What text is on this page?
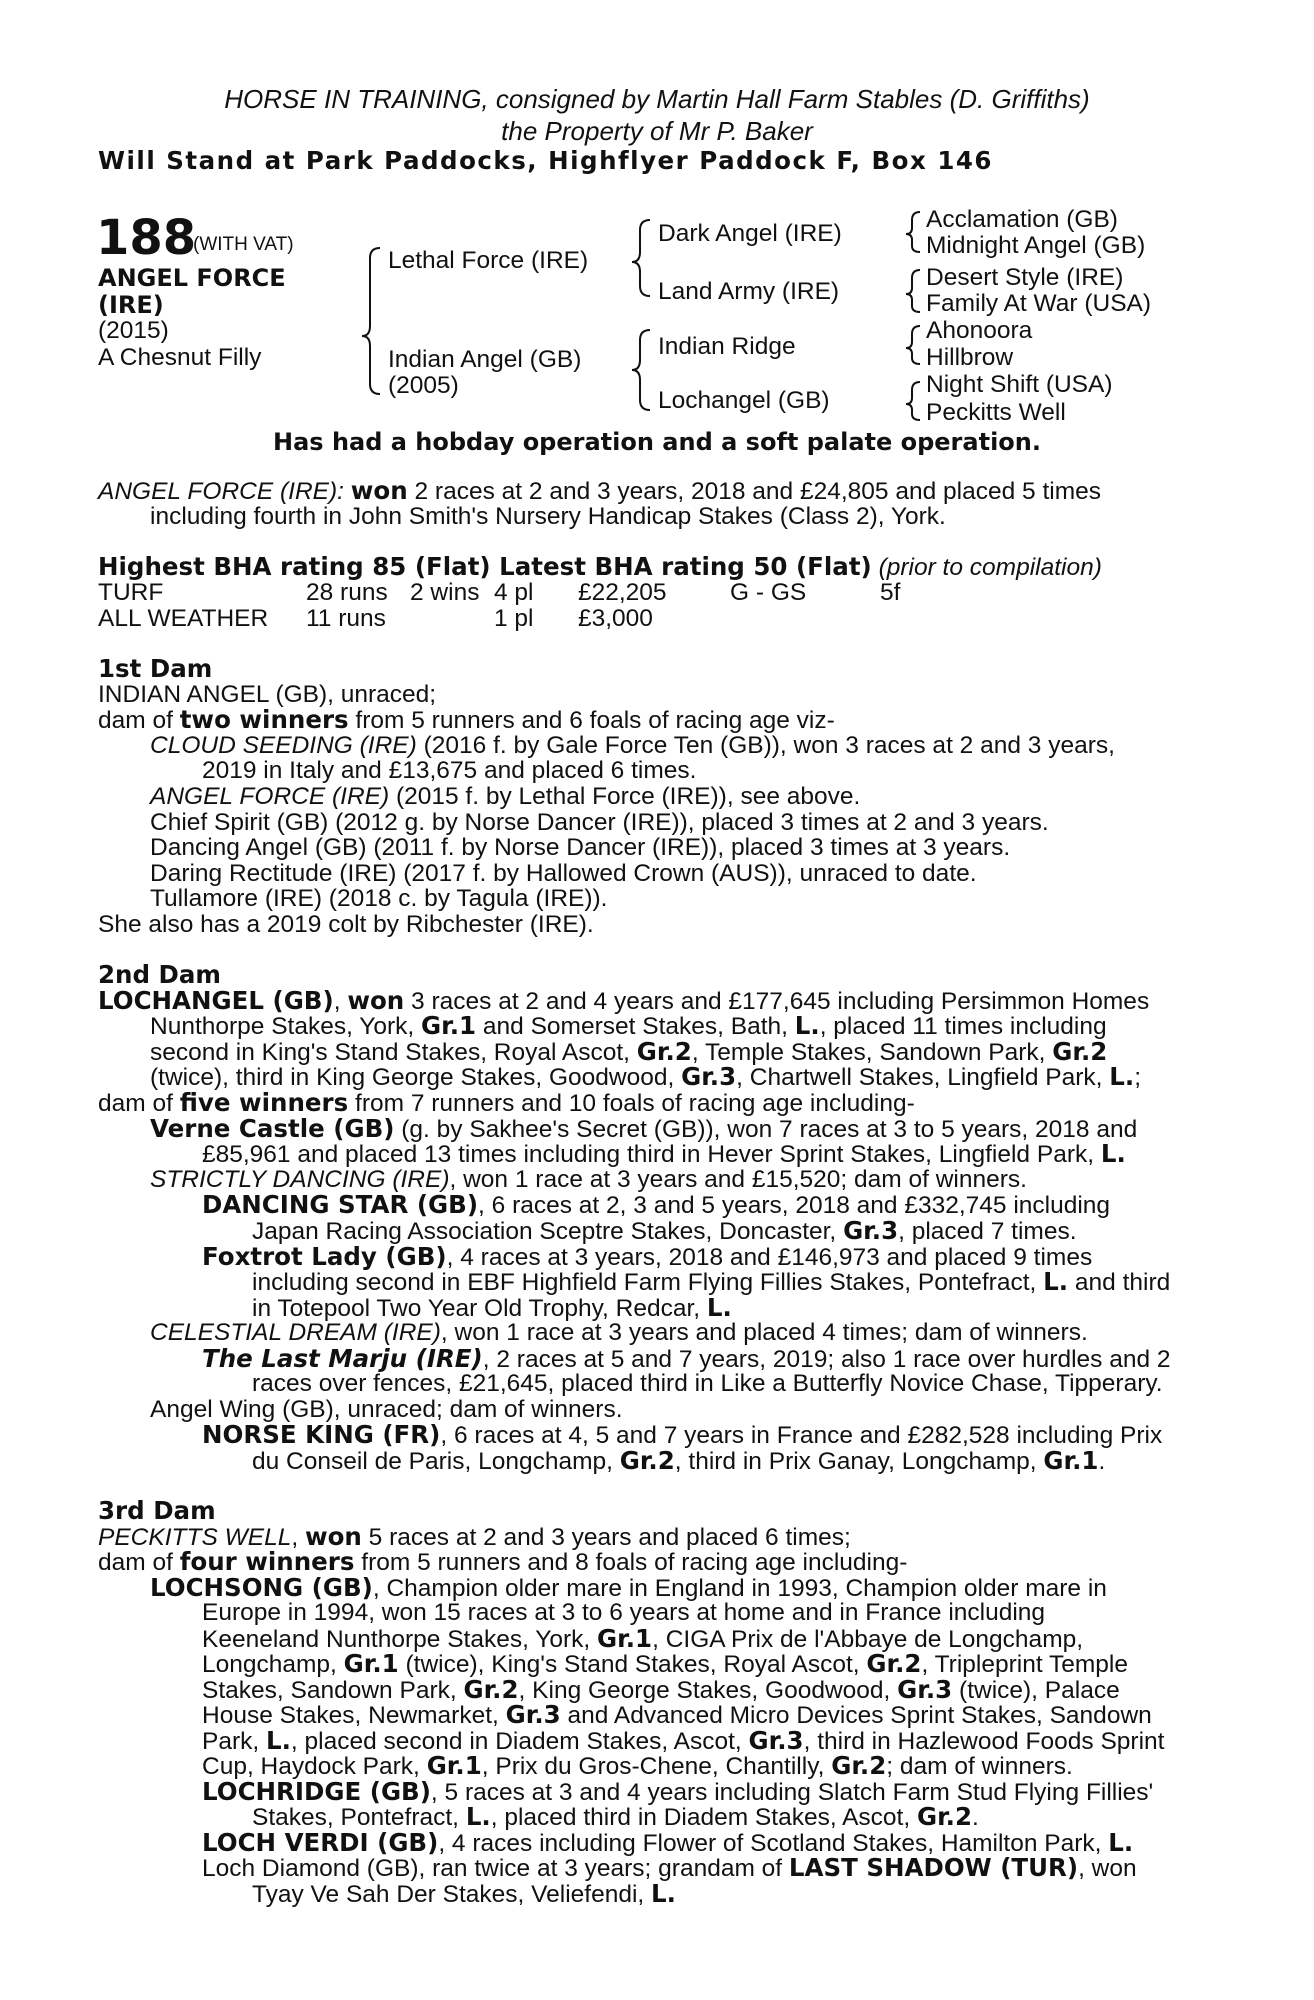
HORSE IN TRAINING, consigned by Martin Hall Farm Stables (D. Griffiths)
the Property of Mr P. Baker
Will Stand at Park Paddocks, Highflyer Paddock F, Box 146
188
(WITH VAT)
ANGEL FORCE
(IRE)
(2015)
A Chesnut Filly
Lethal Force (IRE)
Indian Angel (GB)
(2005)
Dark Angel (IRE)
Land Army (IRE)
Indian Ridge
Lochangel (GB)
Acclamation (GB)
Midnight Angel (GB)
Desert Style (IRE)
Family At War (USA)
Ahonoora
Hillbrow
Night Shift (USA)
Peckitts Well
Has had a hobday operation and a soft palate operation.
ANGEL FORCE (IRE): won 2 races at 2 and 3 years, 2018 and £24,805 and placed 5 times
including fourth in John Smith's Nursery Handicap Stakes (Class 2), York.
Highest BHA rating 85 (Flat) Latest BHA rating 50 (Flat) (prior to compilation)
TURF	28 runs 2 wins 4 pl £22,205	G - GS	5f
ALL WEATHER 11 runs	1 pl £3,000
1st Dam
INDIAN ANGEL (GB), unraced;
dam of two winners from 5 runners and 6 foals of racing age viz-
CLOUD SEEDING (IRE) (2016 f. by Gale Force Ten (GB)), won 3 races at 2 and 3 years,
2019 in Italy and £13,675 and placed 6 times.
ANGEL FORCE (IRE) (2015 f. by Lethal Force (IRE)), see above.
Chief Spirit (GB) (2012 g. by Norse Dancer (IRE)), placed 3 times at 2 and 3 years.
Dancing Angel (GB) (2011 f. by Norse Dancer (IRE)), placed 3 times at 3 years.
Daring Rectitude (IRE) (2017 f. by Hallowed Crown (AUS)), unraced to date.
Tullamore (IRE) (2018 c. by Tagula (IRE)).
She also has a 2019 colt by Ribchester (IRE).
2nd Dam
LOCHANGEL (GB), won 3 races at 2 and 4 years and £177,645 including Persimmon Homes
Nunthorpe Stakes, York, Gr.1 and Somerset Stakes, Bath, L., placed 11 times including
second in King's Stand Stakes, Royal Ascot, Gr.2, Temple Stakes, Sandown Park, Gr.2
(twice), third in King George Stakes, Goodwood, Gr.3, Chartwell Stakes, Lingfield Park, L.;
dam of five winners from 7 runners and 10 foals of racing age including-
Verne Castle (GB) (g. by Sakhee's Secret (GB)), won 7 races at 3 to 5 years, 2018 and
£85,961 and placed 13 times including third in Hever Sprint Stakes, Lingfield Park, L.
STRICTLY DANCING (IRE), won 1 race at 3 years and £15,520; dam of winners.
DANCING STAR (GB), 6 races at 2, 3 and 5 years, 2018 and £332,745 including
Japan Racing Association Sceptre Stakes, Doncaster, Gr.3, placed 7 times.
Foxtrot Lady (GB), 4 races at 3 years, 2018 and £146,973 and placed 9 times
including second in EBF Highfield Farm Flying Fillies Stakes, Pontefract, L. and third
in Totepool Two Year Old Trophy, Redcar, L.
CELESTIAL DREAM (IRE), won 1 race at 3 years and placed 4 times; dam of winners.
The Last Marju (IRE), 2 races at 5 and 7 years, 2019; also 1 race over hurdles and 2
races over fences, £21,645, placed third in Like a Butterfly Novice Chase, Tipperary.
Angel Wing (GB), unraced; dam of winners.
NORSE KING (FR), 6 races at 4, 5 and 7 years in France and £282,528 including Prix
du Conseil de Paris, Longchamp, Gr.2, third in Prix Ganay, Longchamp, Gr.1.
3rd Dam
PECKITTS WELL, won 5 races at 2 and 3 years and placed 6 times;
dam of four winners from 5 runners and 8 foals of racing age including-
LOCHSONG (GB), Champion older mare in England in 1993, Champion older mare in
Europe in 1994, won 15 races at 3 to 6 years at home and in France including
Keeneland Nunthorpe Stakes, York, Gr.1, CIGA Prix de l'Abbaye de Longchamp,
Longchamp, Gr.1 (twice), King's Stand Stakes, Royal Ascot, Gr.2, Tripleprint Temple
Stakes, Sandown Park, Gr.2, King George Stakes, Goodwood, Gr.3 (twice), Palace
House Stakes, Newmarket, Gr.3 and Advanced Micro Devices Sprint Stakes, Sandown
Park, L., placed second in Diadem Stakes, Ascot, Gr.3, third in Hazlewood Foods Sprint
Cup, Haydock Park, Gr.1, Prix du Gros-Chene, Chantilly, Gr.2; dam of winners.
LOCHRIDGE (GB), 5 races at 3 and 4 years including Slatch Farm Stud Flying Fillies'
Stakes, Pontefract, L., placed third in Diadem Stakes, Ascot, Gr.2.
LOCH VERDI (GB), 4 races including Flower of Scotland Stakes, Hamilton Park, L.
Loch Diamond (GB), ran twice at 3 years; grandam of LAST SHADOW (TUR), won
Tyay Ve Sah Der Stakes, Veliefendi, L.
